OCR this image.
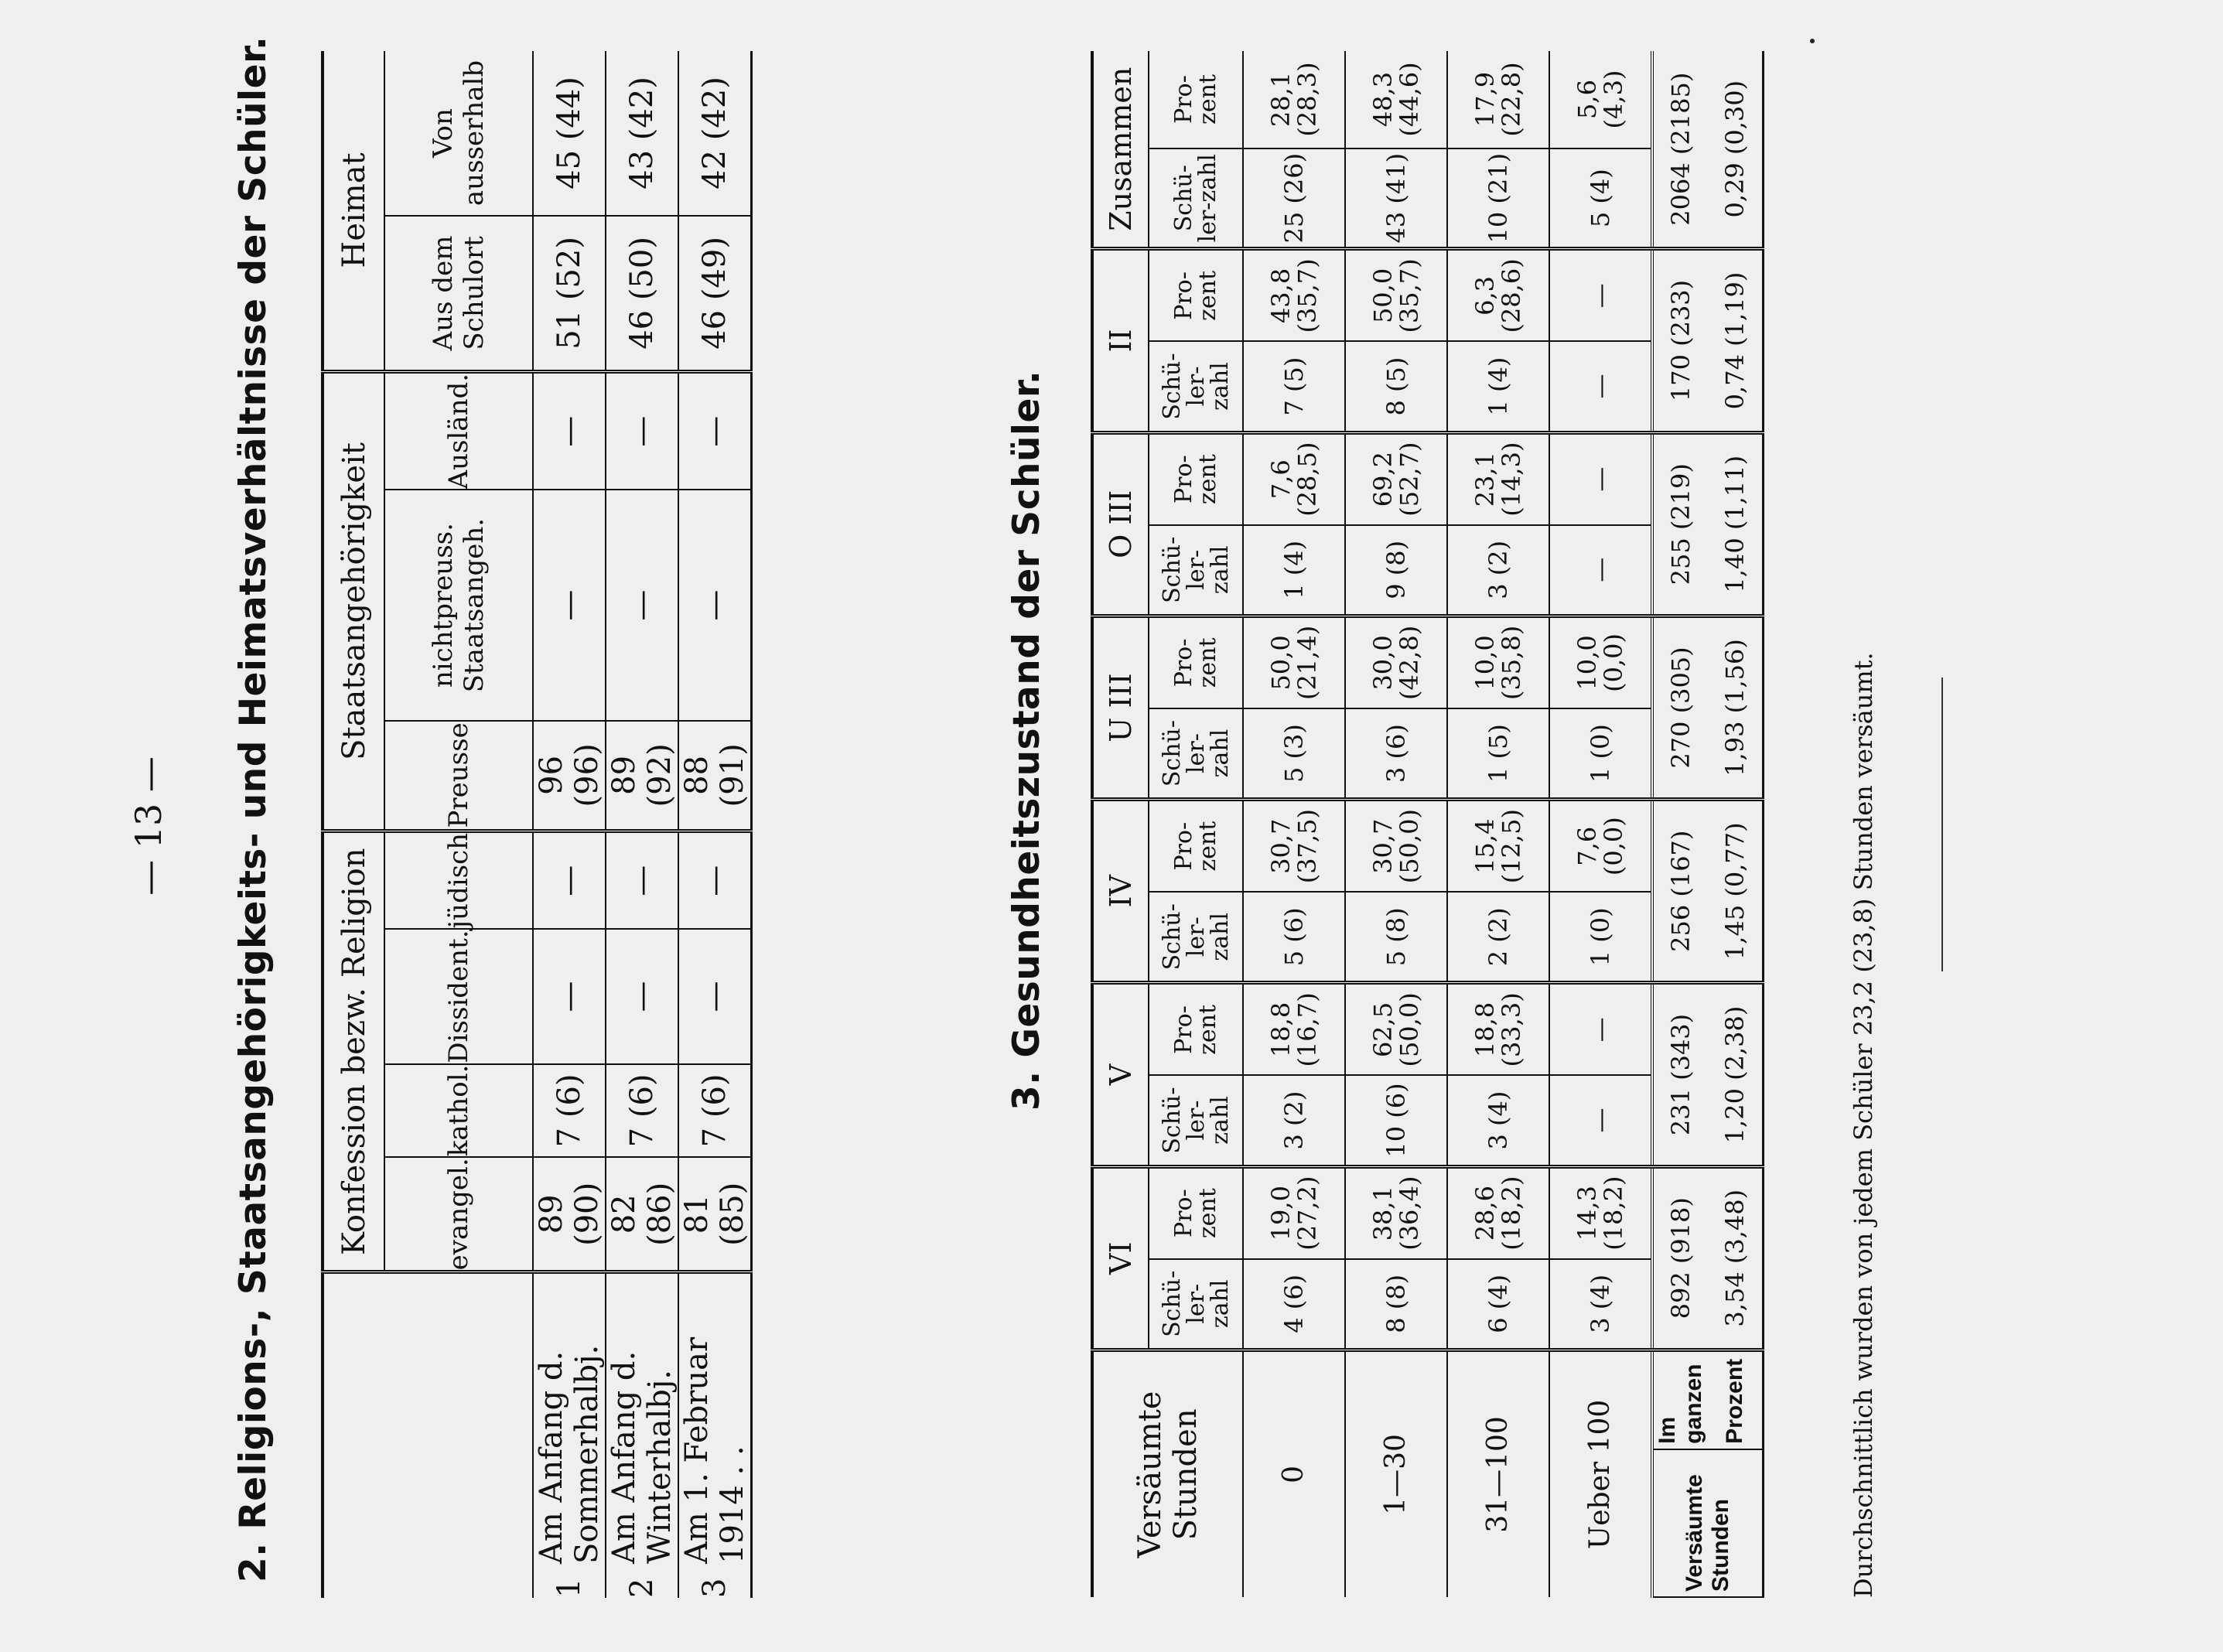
— 13 — 2. Religions-, Staatsangehörigkeits- und Heimatsverhältnisse der Schüler.
		Konfession bezw. Religion				Staatsangehörigkeit			Heimat	
		evangel.	kathol.	Dissident.	jüdisch	Preusse	nichtpreuss. Staatsangeh.	Ausländ.	Aus dem Schulort	Von ausserhalb
1	Am Anfang d. Sommerhalbj.	89 (90)	7 (6)	—	—	96 (96)	—	—	51 (52)	45 (44)
2	Am Anfang d. Winterhalbj.	82 (86)	7 (6)	—	—	89 (92)	—	—	46 (50)	43 (42)
3	Am 1. Februar 1914 . .	81 (85)	7 (6)	—	—	88 (91)	—	—	46 (49)	42 (42)
3. Gesundheitszustand der Schüler.
Versäumte Stunden		VI		V		IV		U III		O III		II		Zusammen	
		Schü-ler-zahl	Pro-zent	Schü-ler-zahl	Pro-zent	Schü-ler-zahl	Pro-zent	Schü-ler-zahl	Pro-zent	Schü-ler-zahl	Pro-zent	Schü-ler-zahl	Pro-zent	Schü-ler-zahl	Pro-zent
0		4 (6)	19,0 (27,2)	3 (2)	18,8 (16,7)	5 (6)	30,7 (37,5)	5 (3)	50,0 (21,4)	1 (4)	7,6 (28,5)	7 (5)	43,8 (35,7)	25 (26)	28,1 (28,3)
1—30		8 (8)	38,1 (36,4)	10 (6)	62,5 (50,0)	5 (8)	30,7 (50,0)	3 (6)	30,0 (42,8)	9 (8)	69,2 (52,7)	8 (5)	50,0 (35,7)	43 (41)	48,3 (44,6)
31—100		6 (4)	28,6 (18,2)	3 (4)	18,8 (33,3)	2 (2)	15,4 (12,5)	1 (5)	10,0 (35,8)	3 (2)	23,1 (14,3)	1 (4)	6,3 (28,6)	10 (21)	17,9 (22,8)
Ueber 100		3 (4)	14,3 (18,2)	—	—	1 (0)	7,6 (0,0)	1 (0)	10,0 (0,0)	—	—	—	—	5 (4)	5,6 (4,3)
Versäumte Stunden	Im ganzen	892 (918)		231 (343)		256 (167)		270 (305)		255 (219)		170 (233)		2064 (2185)	
	Prozent	3,54 (3,48)		1,20 (2,38)		1,45 (0,77)		1,93 (1,56)		1,40 (1,11)		0,74 (1,19)		0,29 (0,30)	
Durchschnittlich wurden von jedem Schüler 23,2 (23,8) Stunden versäumt.
